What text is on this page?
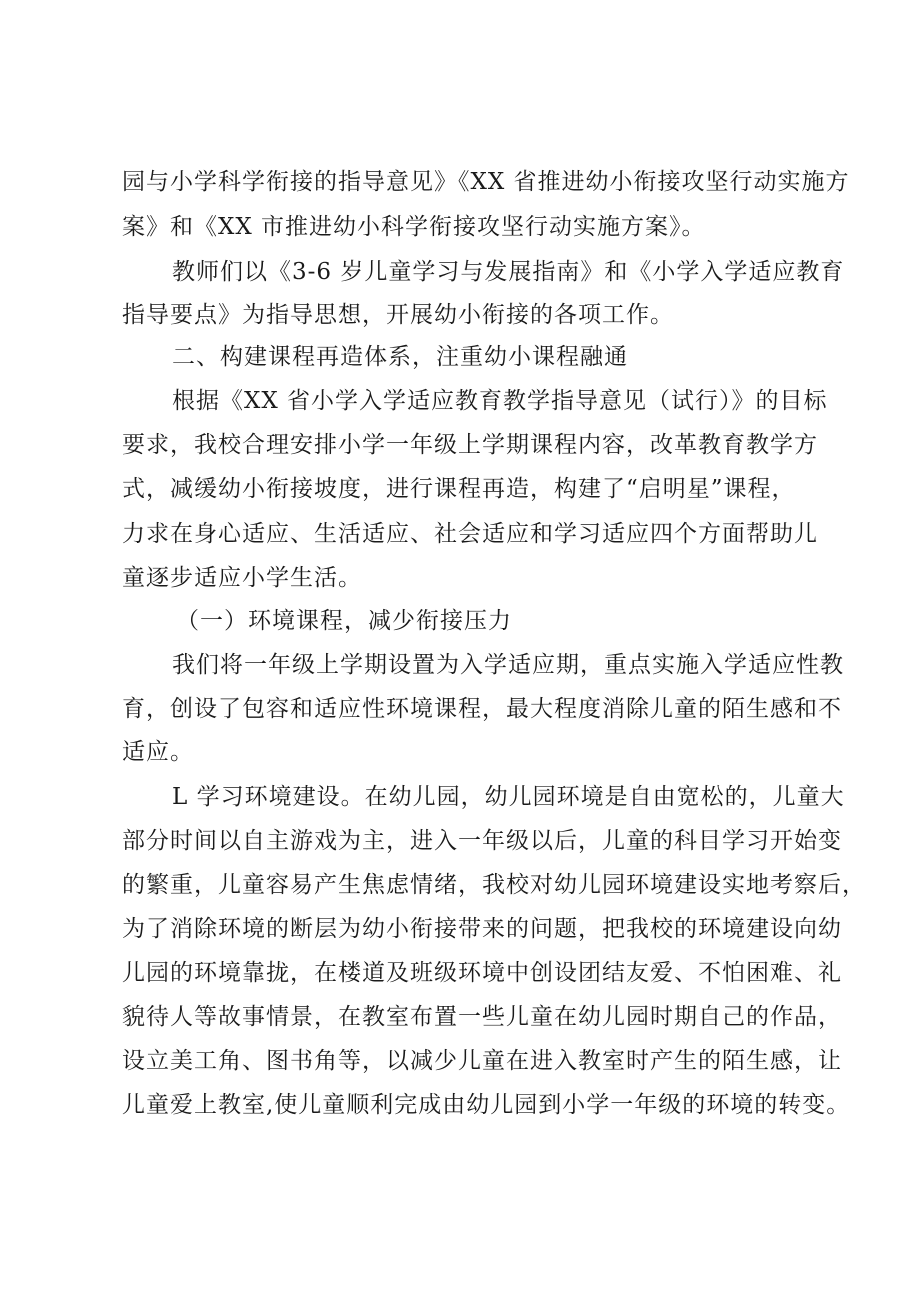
园与小学科学衔接的指导意见》《XX 省推进幼小衔接攻坚行动实施方
案》和《XX 市推进幼小科学衔接攻坚行动实施方案》。
教师们以《3-6 岁儿童学习与发展指南》和《小学入学适应教育
指导要点》为指导思想，开展幼小衔接的各项工作。
二、构建课程再造体系，注重幼小课程融通
根据《XX 省小学入学适应教育教学指导意见（试行）》的目标
要求，我校合理安排小学一年级上学期课程内容，改革教育教学方
式，减缓幼小衔接坡度，进行课程再造，构建了“启明星”课程，
力求在身心适应、生活适应、社会适应和学习适应四个方面帮助儿
童逐步适应小学生活。
（一）环境课程，减少衔接压力
我们将一年级上学期设置为入学适应期，重点实施入学适应性教
育，创设了包容和适应性环境课程，最大程度消除儿童的陌生感和不
适应。
L 学习环境建设。在幼儿园，幼儿园环境是自由宽松的，儿童大
部分时间以自主游戏为主，进入一年级以后，儿童的科目学习开始变
的繁重，儿童容易产生焦虑情绪，我校对幼儿园环境建设实地考察后，
为了消除环境的断层为幼小衔接带来的问题，把我校的环境建设向幼
儿园的环境靠拢，在楼道及班级环境中创设团结友爱、不怕困难、礼
貌待人等故事情景，在教室布置一些儿童在幼儿园时期自己的作品，
设立美工角、图书角等，以减少儿童在进入教室时产生的陌生感，让
儿童爱上教室,使儿童顺利完成由幼儿园到小学一年级的环境的转变。
